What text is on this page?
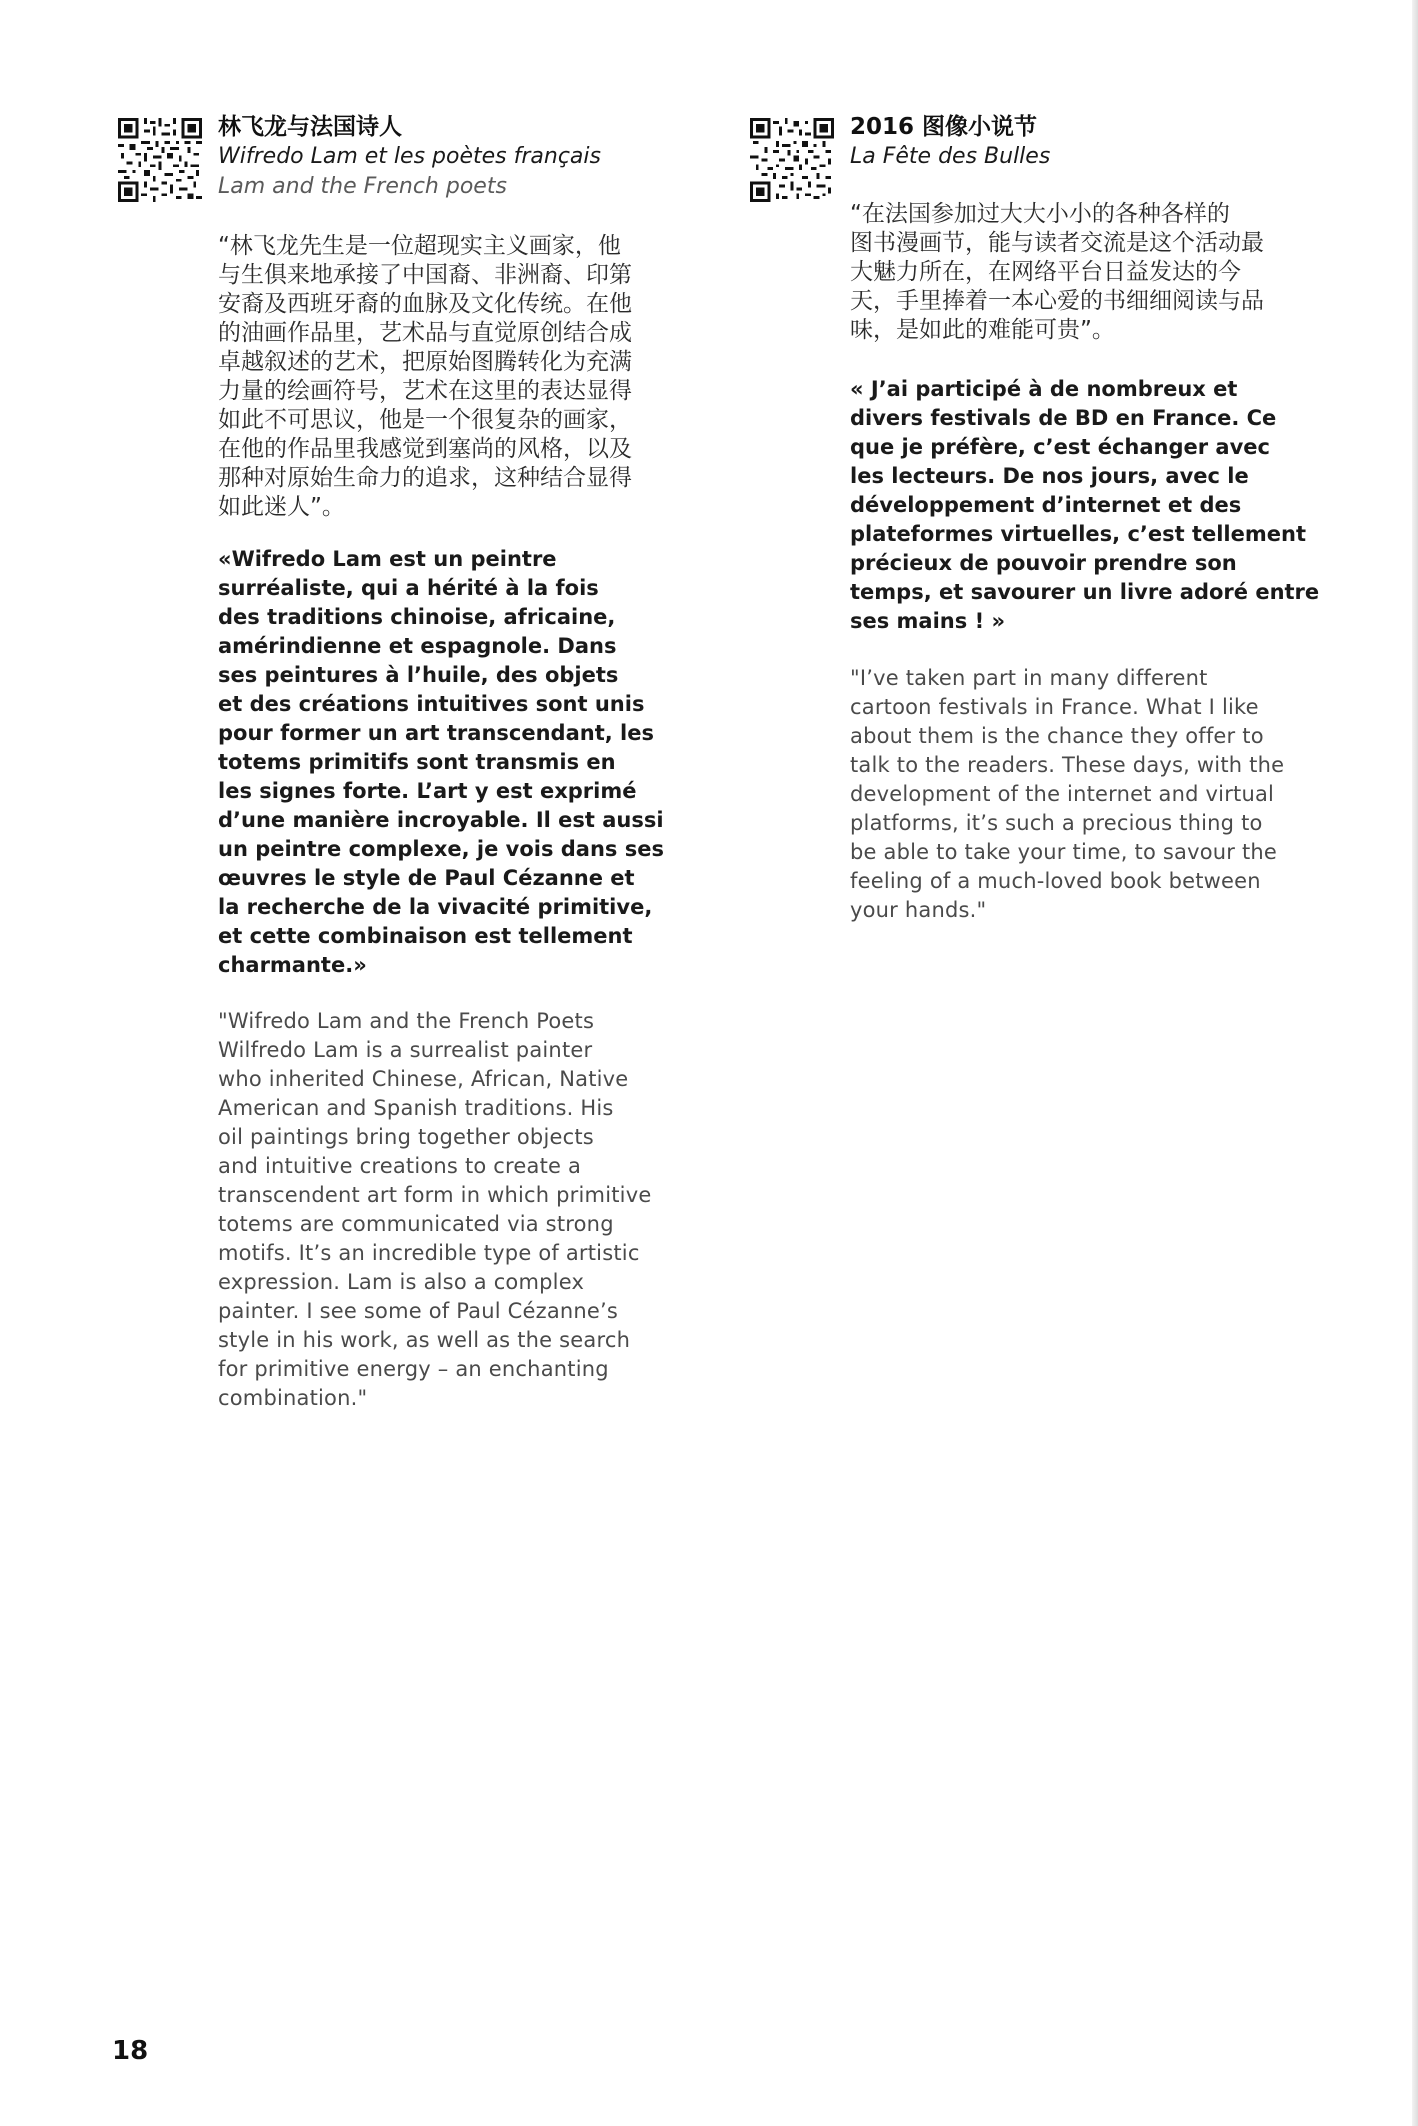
林飞龙与法国诗人
Wifredo Lam et les poètes français
Lam and the French poets
“林飞龙先生是一位超现实主义画家，他
与生俱来地承接了中国裔、非洲裔、印第
安裔及西班牙裔的血脉及文化传统。在他
的油画作品里，艺术品与直觉原创结合成
卓越叙述的艺术，把原始图腾转化为充满
力量的绘画符号，艺术在这里的表达显得
如此不可思议，他是一个很复杂的画家，
在他的作品里我感觉到塞尚的风格，以及
那种对原始生命力的追求，这种结合显得
如此迷人”。
«Wifredo Lam est un peintre
surréaliste, qui a hérité à la fois
des traditions chinoise, africaine,
amérindienne et espagnole. Dans
ses peintures à l’huile, des objets
et des créations intuitives sont unis
pour former un art transcendant, les
totems primitifs sont transmis en
les signes forte. L’art y est exprimé
d’une manière incroyable. Il est aussi
un peintre complexe, je vois dans ses
œuvres le style de Paul Cézanne et
la recherche de la vivacité primitive,
et cette combinaison est tellement
charmante.»
"Wifredo Lam and the French Poets
Wilfredo Lam is a surrealist painter
who inherited Chinese, African, Native
American and Spanish traditions. His
oil paintings bring together objects
and intuitive creations to create a
transcendent art form in which primitive
totems are communicated via strong
motifs. It’s an incredible type of artistic
expression. Lam is also a complex
painter. I see some of Paul Cézanne’s
style in his work, as well as the search
for primitive energy – an enchanting
combination."
2016 图像小说节
La Fête des Bulles
“在法国参加过大大小小的各种各样的
图书漫画节，能与读者交流是这个活动最
大魅力所在，在网络平台日益发达的今
天，手里捧着一本心爱的书细细阅读与品
味，是如此的难能可贵”。
« J’ai participé à de nombreux et
divers festivals de BD en France. Ce
que je préfère, c’est échanger avec
les lecteurs. De nos jours, avec le
développement d’internet et des
plateformes virtuelles, c’est tellement
précieux de pouvoir prendre son
temps, et savourer un livre adoré entre
ses mains ! »
"I’ve taken part in many different
cartoon festivals in France. What I like
about them is the chance they offer to
talk to the readers. These days, with the
development of the internet and virtual
platforms, it’s such a precious thing to
be able to take your time, to savour the
feeling of a much-loved book between
your hands."
18
